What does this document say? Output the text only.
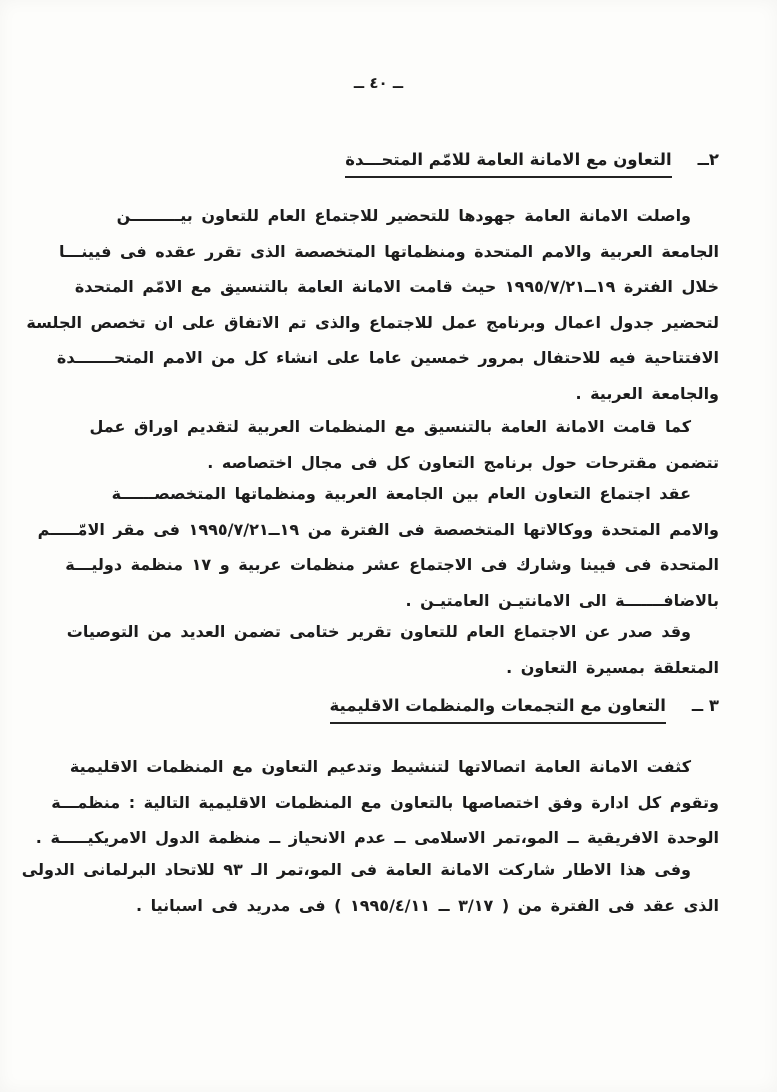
ــ ٤٠ ــ
٢ــالتعاون مع الامانة العامة للامّم المتحـــدة
واصلت الامانة العامة جهودها للتحضير للاجتماع العام للتعاون بيـــــــــن
الجامعة العربية والامم المتحدة ومنظماتها المتخصصة الذى تقرر عقده فى فيينـــا
خلال الفترة ١٩ــ١٩٩٥/٧/٢١ حيث قامت الامانة العامة بالتنسيق مع الامّم المتحدة
لتحضير جدول اعمال وبرنامج عمل للاجتماع والذى تم الاتفاق على ان تخصص الجلسة
الافتتاحية فيه للاحتفال بمرور خمسين عاما على انشاء كل من الامم المتحـــــــدة
والجامعة العربية .
كما قامت الامانة العامة بالتنسيق مع المنظمات العربية لتقديم اوراق عمل
تتضمن مقترحات حول برنامج التعاون كل فى مجال اختصاصه .
عقد اجتماع التعاون العام بين الجامعة العربية ومنظماتها المتخصصــــــة
والامم المتحدة ووكالاتها المتخصصة فى الفترة من ١٩ــ١٩٩٥/٧/٢١ فى مقر الامّـــــم
المتحدة فى فيينا وشارك فى الاجتماع عشر منظمات عربية و ١٧ منظمة دوليـــة
بالاضافـــــــة الى الامانتيـن العامتيـن .
وقد صدر عن الاجتماع العام للتعاون تقرير ختامى تضمن العديد من التوصيات
المتعلقة بمسيرة التعاون .
٣ ــالتعاون مع التجمعات والمنظمات الاقليمية
كثفت الامانة العامة اتصالاتها لتنشيط وتدعيم التعاون مع المنظمات الاقليمية
وتقوم كل ادارة وفق اختصاصها بالتعاون مع المنظمات الاقليمية التالية : منظمـــة
الوحدة الافريقية ــ المو،تمر الاسلامى ــ عدم الانحياز ــ منظمة الدول الامريكيـــــة .
وفى هذا الاطار شاركت الامانة العامة فى المو،تمر الـ ٩٣ للاتحاد البرلمانى الدولى
الذى عقد فى الفترة من ( ٣/١٧ ــ ١٩٩٥/٤/١١ ) فى مدريد فى اسبانيا .
